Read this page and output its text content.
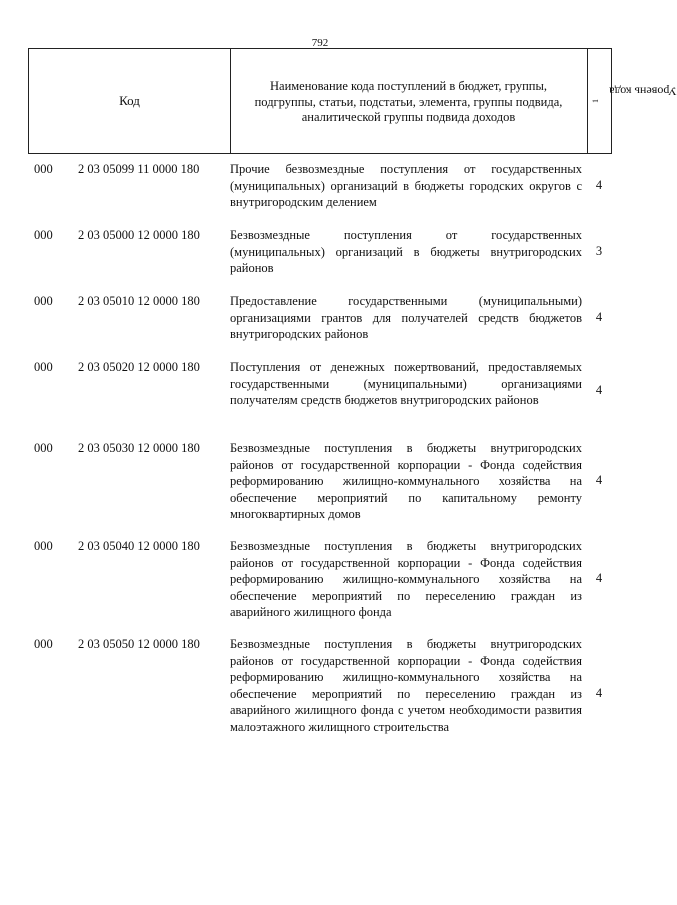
792
Код
Наименование кода поступлений в бюджет, группы, подгруппы, статьи, подстатьи, элемента, группы подвида, аналитической группы подвида доходов
Уровень кода
$^1$
000 2 03 05099 11 0000 180 Прочие безвозмездные поступления от государственных (муниципальных) организаций в бюджеты городских округов с внутригородским делением
4
000 2 03 05000 12 0000 180 Безвозмездные поступления от государственных (муниципальных) организаций в бюджеты внутригородских районов
3
000 2 03 05010 12 0000 180 Предоставление государственными (муниципальными) организациями грантов для получателей средств бюджетов внутригородских районов
4
000 2 03 05020 12 0000 180 Поступления от денежных пожертвований, предоставляемых государственными (муниципальными) организациями получателям средств бюджетов внутригородских районов
4
000 2 03 05030 12 0000 180 Безвозмездные поступления в бюджеты внутригородских районов от государственной корпорации - Фонда содействия реформированию жилищно-коммунального хозяйства на обеспечение мероприятий по капитальному ремонту многоквартирных домов
4
000 2 03 05040 12 0000 180 Безвозмездные поступления в бюджеты внутригородских районов от государственной корпорации - Фонда содействия реформированию жилищно-коммунального хозяйства на обеспечение мероприятий по переселению граждан из аварийного жилищного фонда
4
000 2 03 05050 12 0000 180 Безвозмездные поступления в бюджеты внутригородских районов от государственной корпорации - Фонда содействия реформированию жилищно-коммунального хозяйства на обеспечение мероприятий по переселению граждан из аварийного жилищного фонда с учетом необходимости развития малоэтажного жилищного строительства
4
